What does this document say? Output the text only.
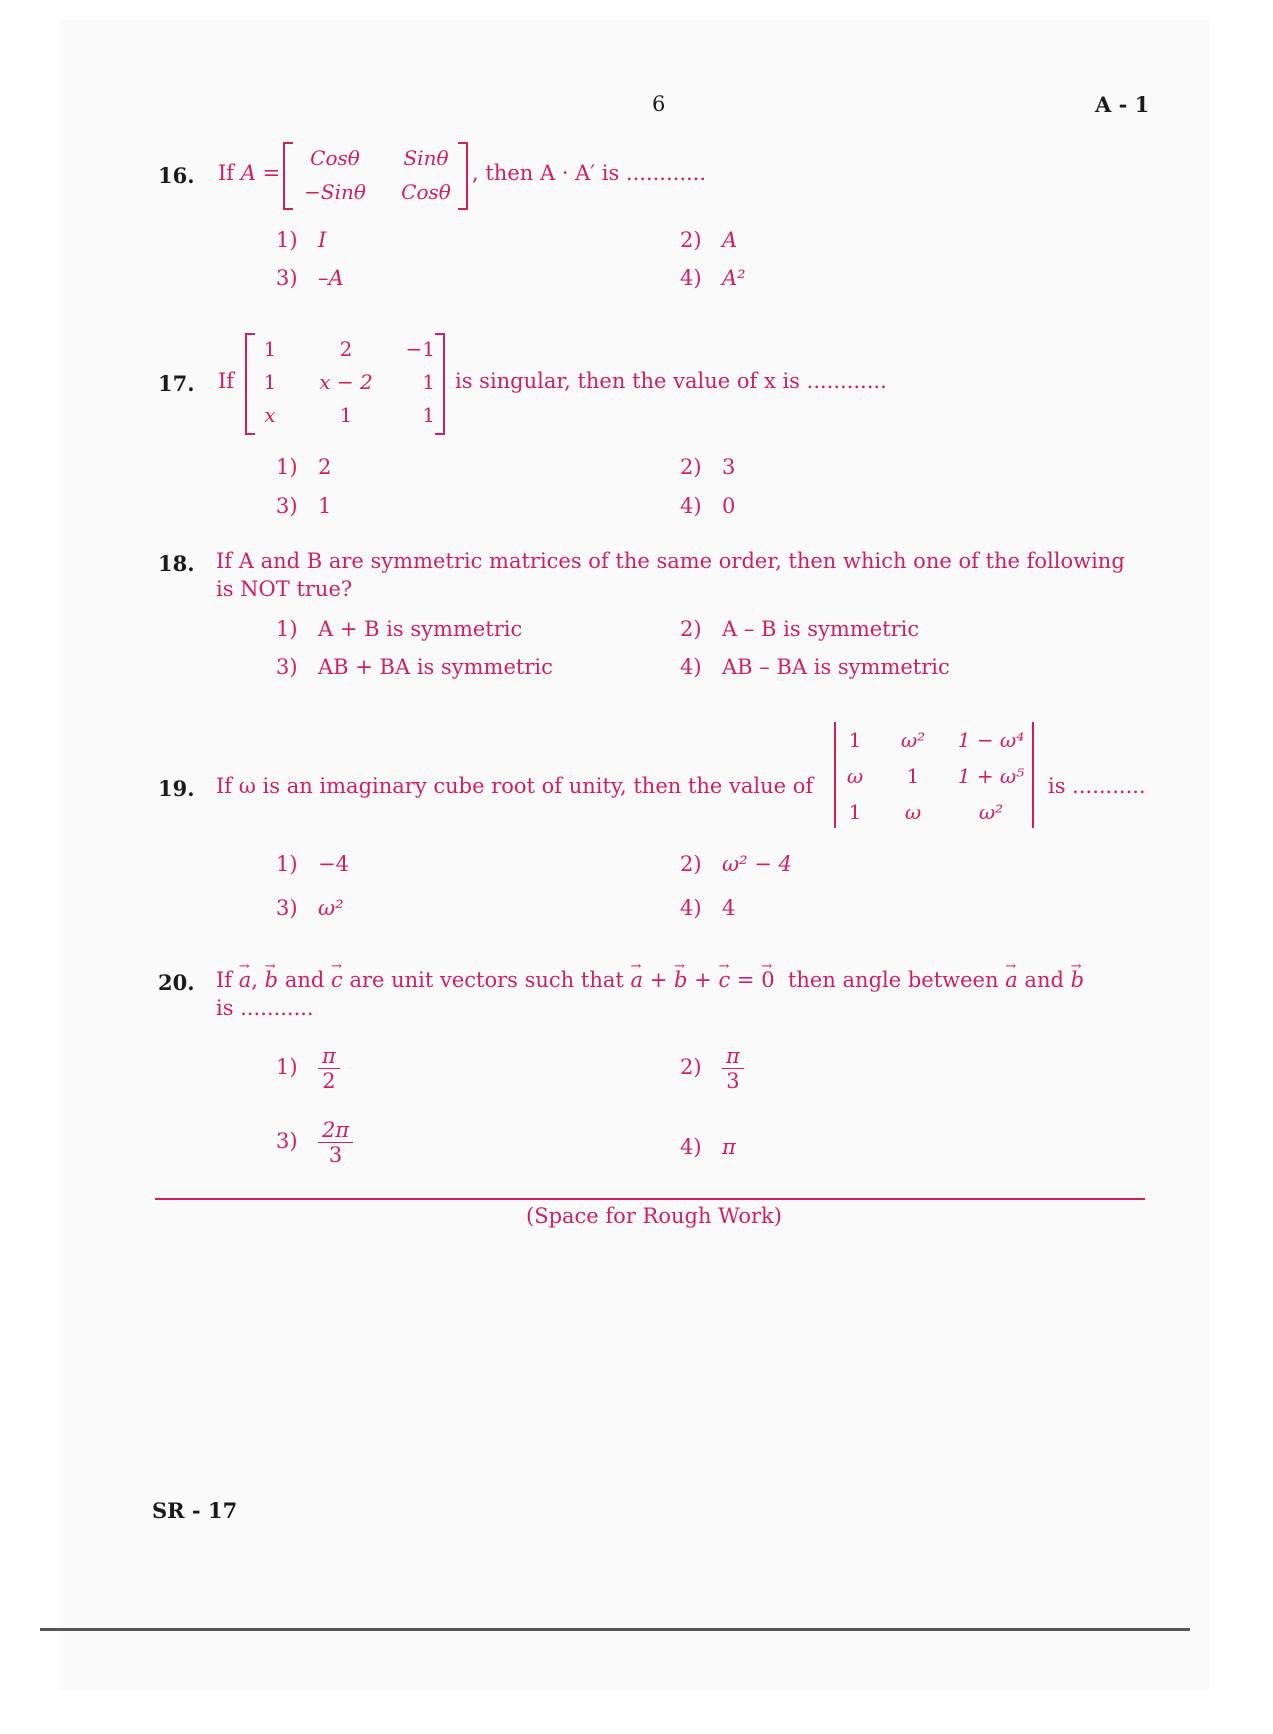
6	A - 1
16. If A =
Cosθ	Sinθ
−Sinθ	Cosθ
, then A · A′ is ............
1) I	2) A
3) –A	4) A²
17. If
1	2	−1
1	x − 2	1
x	1	1
is singular, then the value of x is ............
1) 2	2) 3
3) 1	4) 0
18. If A and B are symmetric matrices of the same order, then which one of the following
is NOT true?
1) A + B is symmetric	2) A – B is symmetric
3) AB + BA is symmetric	4) AB – BA is symmetric
19. If ω is an imaginary cube root of unity, then the value of
1	ω²	1 − ω⁴
ω	1	1 + ω⁵
1	ω	ω²
is ...........
1) −4	2) ω² − 4
3) ω²	4) 4
20. If → a, → b and → c are unit vectors such that → a + → b + → c = → 0 then angle between → a and → b
is ...........
$1) \frac{\pi}{2}$	$2) \frac{\pi}{3}$
$3) \frac{2\pi}{3}$	4) π
(Space for Rough Work)
SR - 17
